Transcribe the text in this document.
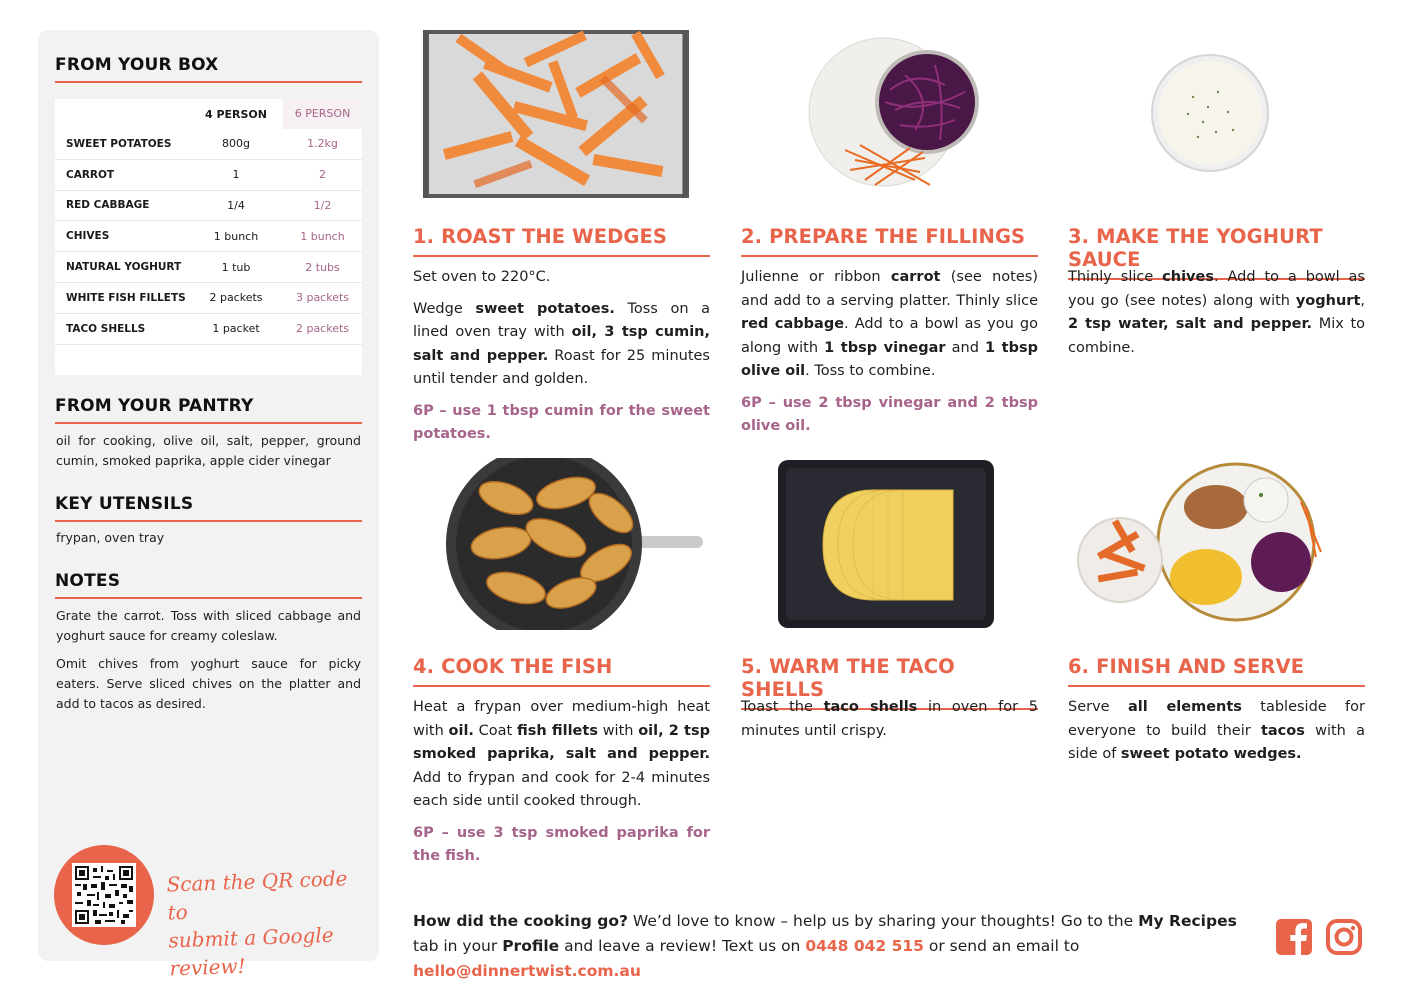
FROM YOUR BOX
4 PERSON	6 PERSON
SWEET POTATOES	800g	1.2kg
CARROT	1	2
RED CABBAGE	1/4	1/2
CHIVES	1 bunch	1 bunch
NATURAL YOGHURT	1 tub	2 tubs
WHITE FISH FILLETS	2 packets	3 packets
TACO SHELLS	1 packet	2 packets
FROM YOUR PANTRY
oil for cooking, olive oil, salt, pepper, ground cumin, smoked paprika, apple cider vinegar
KEY UTENSILS
frypan, oven tray
NOTES
Grate the carrot. Toss with sliced cabbage and yoghurt sauce for creamy coleslaw.
Omit chives from yoghurt sauce for picky eaters. Serve sliced chives on the platter and add to tacos as desired.
Scan the QR code to
submit a Google review!
1. ROAST THE WEDGES

Set oven to 220°C.

Wedge sweet potatoes. Toss on a lined oven tray with oil, 3 tsp cumin, salt and pepper. Roast for 25 minutes until tender and golden.

6P – use 1 tbsp cumin for the sweet potatoes.

2. PREPARE THE FILLINGS

Julienne or ribbon carrot (see notes) and add to a serving platter. Thinly slice red cabbage. Add to a bowl as you go along with 1 tbsp vinegar and 1 tbsp olive oil. Toss to combine.

6P – use 2 tbsp vinegar and 2 tbsp olive oil.

3. MAKE THE YOGHURT SAUCE

Thinly slice chives. Add to a bowl as you go (see notes) along with yoghurt, 2 tsp water, salt and pepper. Mix to combine.

4. COOK THE FISH

Heat a frypan over medium-high heat with oil. Coat fish fillets with oil, 2 tsp smoked paprika, salt and pepper. Add to frypan and cook for 2-4 minutes each side until cooked through.

6P – use 3 tsp smoked paprika for the fish.

5. WARM THE TACO SHELLS

Toast the taco shells in oven for 5 minutes until crispy.

6. FINISH AND SERVE

Serve all elements tableside for everyone to build their tacos with a side of sweet potato wedges.

How did the cooking go? We’d love to know – help us by sharing your thoughts! Go to the My Recipes tab in your Profile and leave a review! Text us on 0448 042 515 or send an email to hello@dinnertwist.com.au
